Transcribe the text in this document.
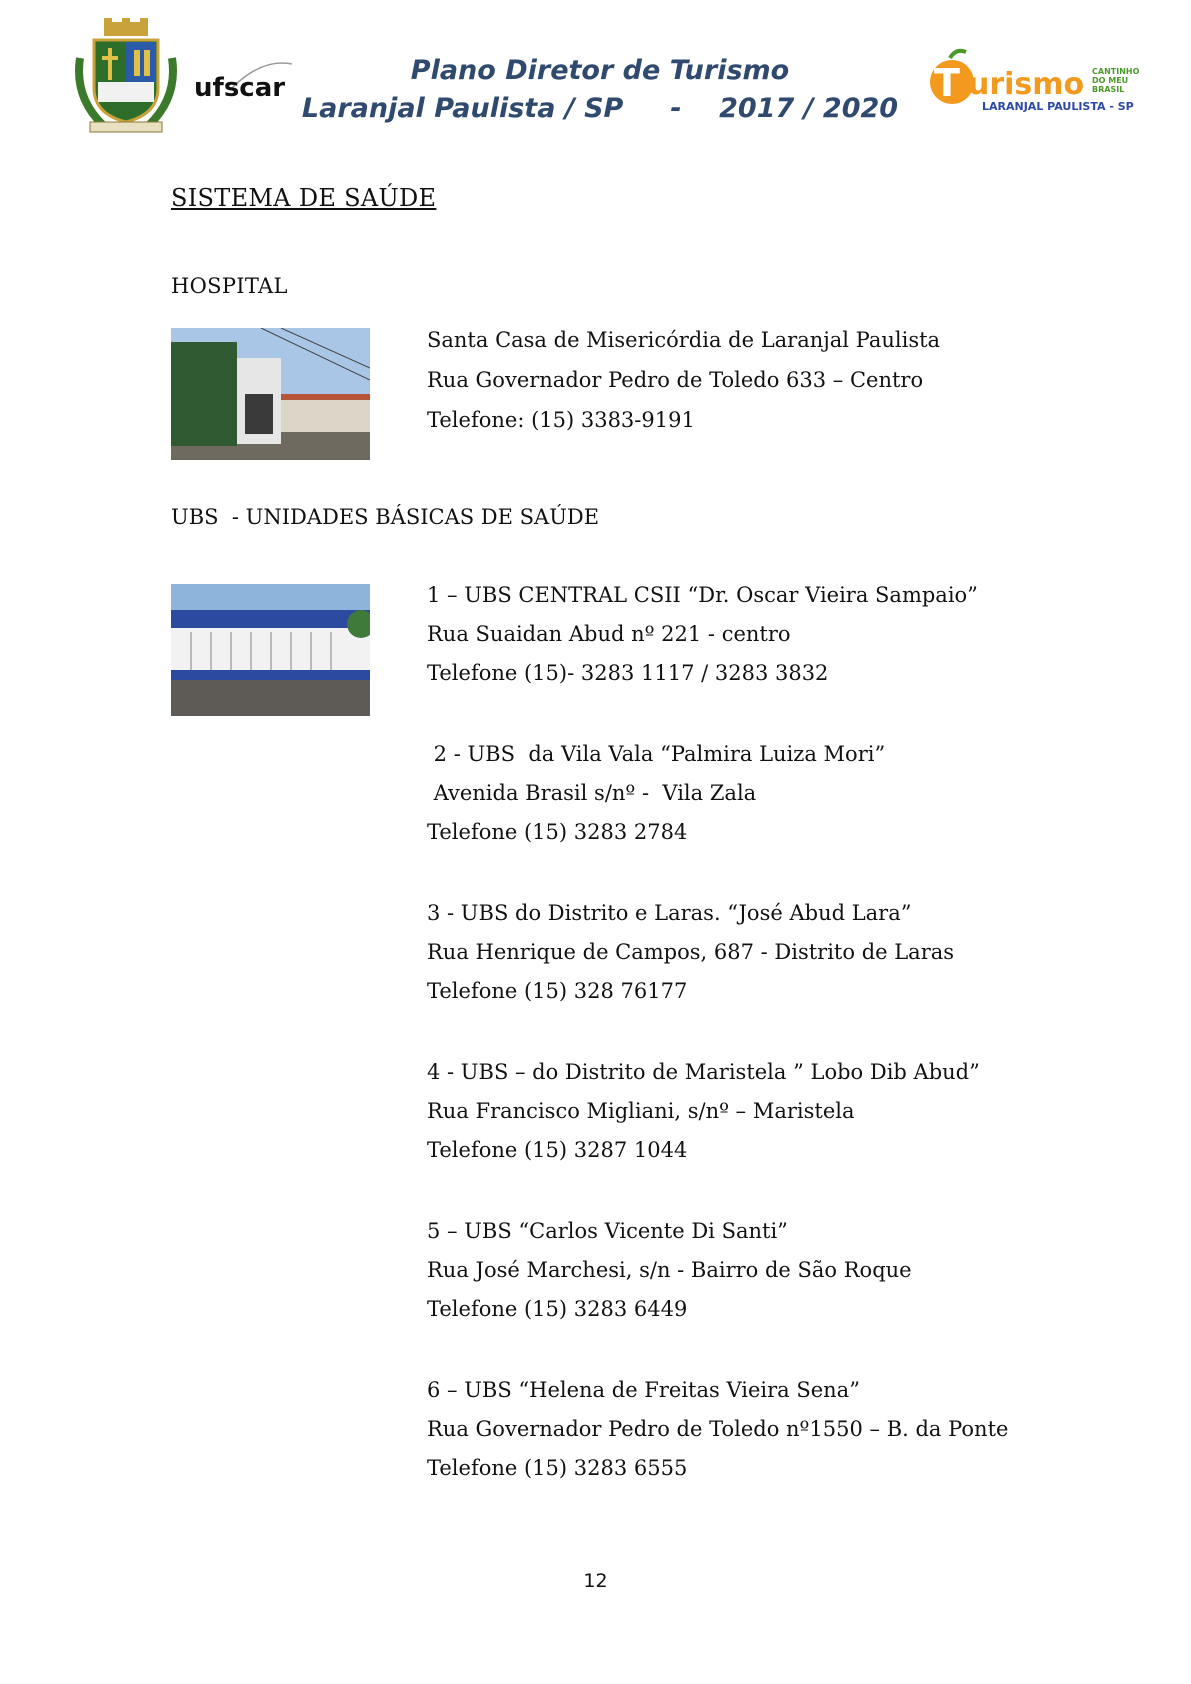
ufscar	T urismo CANTINHO
DO MEU
BRASIL
LARANJAL PAULISTA - SP
Plano Diretor de Turismo
Laranjal Paulista / SP     -    2017 / 2020
SISTEMA DE SAÚDE
HOSPITAL
Santa Casa de Misericórdia de Laranjal Paulista
Rua Governador Pedro de Toledo 633 – Centro
Telefone: (15) 3383-9191
UBS  - UNIDADES BÁSICAS DE SAÚDE
1 – UBS CENTRAL CSII “Dr. Oscar Vieira Sampaio”
Rua Suaidan Abud nº 221 - centro
Telefone (15)- 3283 1117 / 3283 3832
2 - UBS  da Vila Vala “Palmira Luiza Mori”
Avenida Brasil s/nº -  Vila Zala
Telefone (15) 3283 2784
3 - UBS do Distrito e Laras. “José Abud Lara”
Rua Henrique de Campos, 687 - Distrito de Laras
Telefone (15) 328 76177
4 - UBS – do Distrito de Maristela ” Lobo Dib Abud”
Rua Francisco Migliani, s/nº – Maristela
Telefone (15) 3287 1044
5 – UBS “Carlos Vicente Di Santi”
Rua José Marchesi, s/n - Bairro de São Roque
Telefone (15) 3283 6449
6 – UBS “Helena de Freitas Vieira Sena”
Rua Governador Pedro de Toledo nº1550 – B. da Ponte
Telefone (15) 3283 6555
12
